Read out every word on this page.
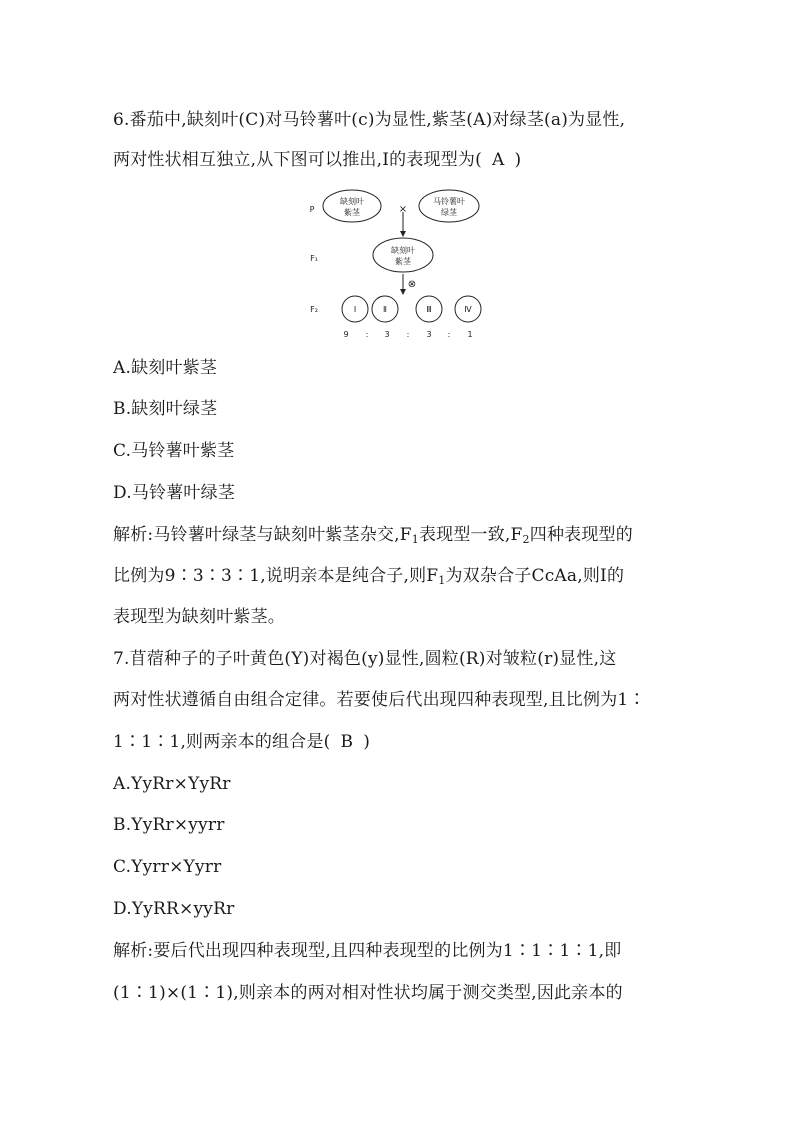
6.番茄中,缺刻叶(C)对马铃薯叶(c)为显性,紫茎(A)对绿茎(a)为显性,
两对性状相互独立,从下图可以推出,Ⅰ的表现型为( A )
P
F₁
F₂
缺刻叶
紫茎
马铃薯叶
绿茎
×
缺刻叶
紫茎
⊗
Ⅰ	Ⅱ	Ⅲ	Ⅳ
9 : 3 : 3 : 1
A.缺刻叶紫茎
B.缺刻叶绿茎
C.马铃薯叶紫茎
D.马铃薯叶绿茎
解析:马铃薯叶绿茎与缺刻叶紫茎杂交$,F_1$表现型一致$,F_2$四种表现型的
比例为9∶3∶3∶1,说明亲本是纯合子,则$F_1$为双杂合子CcAa,则Ⅰ的
表现型为缺刻叶紫茎。
7.苜蓿种子的子叶黄色(Y)对褐色(y)显性,圆粒(R)对皱粒(r)显性,这
两对性状遵循自由组合定律。若要使后代出现四种表现型,且比例为1∶
1∶1∶1,则两亲本的组合是( B )
A.YyRr×YyRr
B.YyRr×yyrr
C.Yyrr×Yyrr
D.YyRR×yyRr
解析:要后代出现四种表现型,且四种表现型的比例为1∶1∶1∶1,即
(1∶1)×(1∶1),则亲本的两对相对性状均属于测交类型,因此亲本的
